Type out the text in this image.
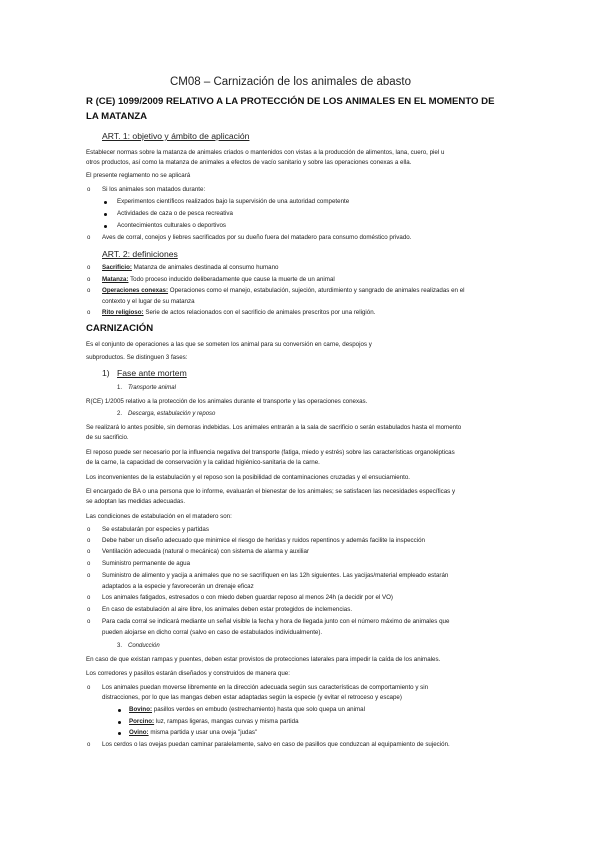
CM08 – Carnización de los animales de abasto
R (CE) 1099/2009 RELATIVO A LA PROTECCIÓN DE LOS ANIMALES EN EL MOMENTO DE
LA MATANZA
ART. 1: objetivo y ámbito de aplicación
Establecer normas sobre la matanza de animales criados o mantenidos con vistas a la producción de alimentos, lana, cuero, piel u
otros productos, así como la matanza de animales a efectos de vacío sanitario y sobre las operaciones conexas a ella.
El presente reglamento no se aplicará
o Si los animales son matados durante:
Experimentos científicos realizados bajo la supervisión de una autoridad competente
Actividades de caza o de pesca recreativa
Acontecimientos culturales o deportivos
o Aves de corral, conejos y liebres sacrificados por su dueño fuera del matadero para consumo doméstico privado.
ART. 2: definiciones
o Sacrificio: Matanza de animales destinada al consumo humano
o Matanza: Todo proceso inducido deliberadamente que cause la muerte de un animal
o Operaciones conexas: Operaciones como el manejo, estabulación, sujeción, aturdimiento y sangrado de animales realizadas en el
contexto y el lugar de su matanza
o Rito religioso: Serie de actos relacionados con el sacrificio de animales prescritos por una religión.
CARNIZACIÓN
Es el conjunto de operaciones a las que se someten los animal para su conversión en carne, despojos y
subproductos. Se distinguen 3 fases:
1) Fase ante mortem
1. Transporte animal
R(CE) 1/2005 relativo a la protección de los animales durante el transporte y las operaciones conexas.
2. Descarga, estabulación y reposo
Se realizará lo antes posible, sin demoras indebidas. Los animales entrarán a la sala de sacrificio o serán estabulados hasta el momento
de su sacrificio.
El reposo puede ser necesario por la influencia negativa del transporte (fatiga, miedo y estrés) sobre las características organolépticas
de la carne, la capacidad de conservación y la calidad higiénico-sanitaria de la carne.
Los inconvenientes de la estabulación y el reposo son la posibilidad de contaminaciones cruzadas y el ensuciamiento.
El encargado de BA o una persona que lo informe, evaluarán el bienestar de los animales; se satisfacen las necesidades específicas y
se adoptan las medidas adecuadas.
Las condiciones de estabulación en el matadero son:
o Se estabularán por especies y partidas
o Debe haber un diseño adecuado que minimice el riesgo de heridas y ruidos repentinos y además facilite la inspección
o Ventilación adecuada (natural o mecánica) con sistema de alarma y auxiliar
o Suministro permanente de agua
o Suministro de alimento y yacija a animales que no se sacrifiquen en las 12h siguientes. Las yacijas/material empleado estarán
adaptados a la especie y favorecerán un drenaje eficaz
o Los animales fatigados, estresados o con miedo deben guardar reposo al menos 24h (a decidir por el VO)
o En caso de estabulación al aire libre, los animales deben estar protegidos de inclemencias.
o Para cada corral se indicará mediante un señal visible la fecha y hora de llegada junto con el número máximo de animales que
pueden alojarse en dicho corral (salvo en caso de estabulados individualmente).
3. Conducción
En caso de que existan rampas y puentes, deben estar provistos de protecciones laterales para impedir la caída de los animales.
Los corredores y pasillos estarán diseñados y construidos de manera que:
o Los animales puedan moverse libremente en la dirección adecuada según sus características de comportamiento y sin
distracciones, por lo que las mangas deben estar adaptadas según la especie (y evitar el retroceso y escape)
Bovino: pasillos verdes en embudo (estrechamiento) hasta que solo quepa un animal
Porcino: luz, rampas ligeras, mangas curvas y misma partida
Ovino: misma partida y usar una oveja "judas"
o Los cerdos o las ovejas puedan caminar paralelamente, salvo en caso de pasillos que conduzcan al equipamiento de sujeción.
